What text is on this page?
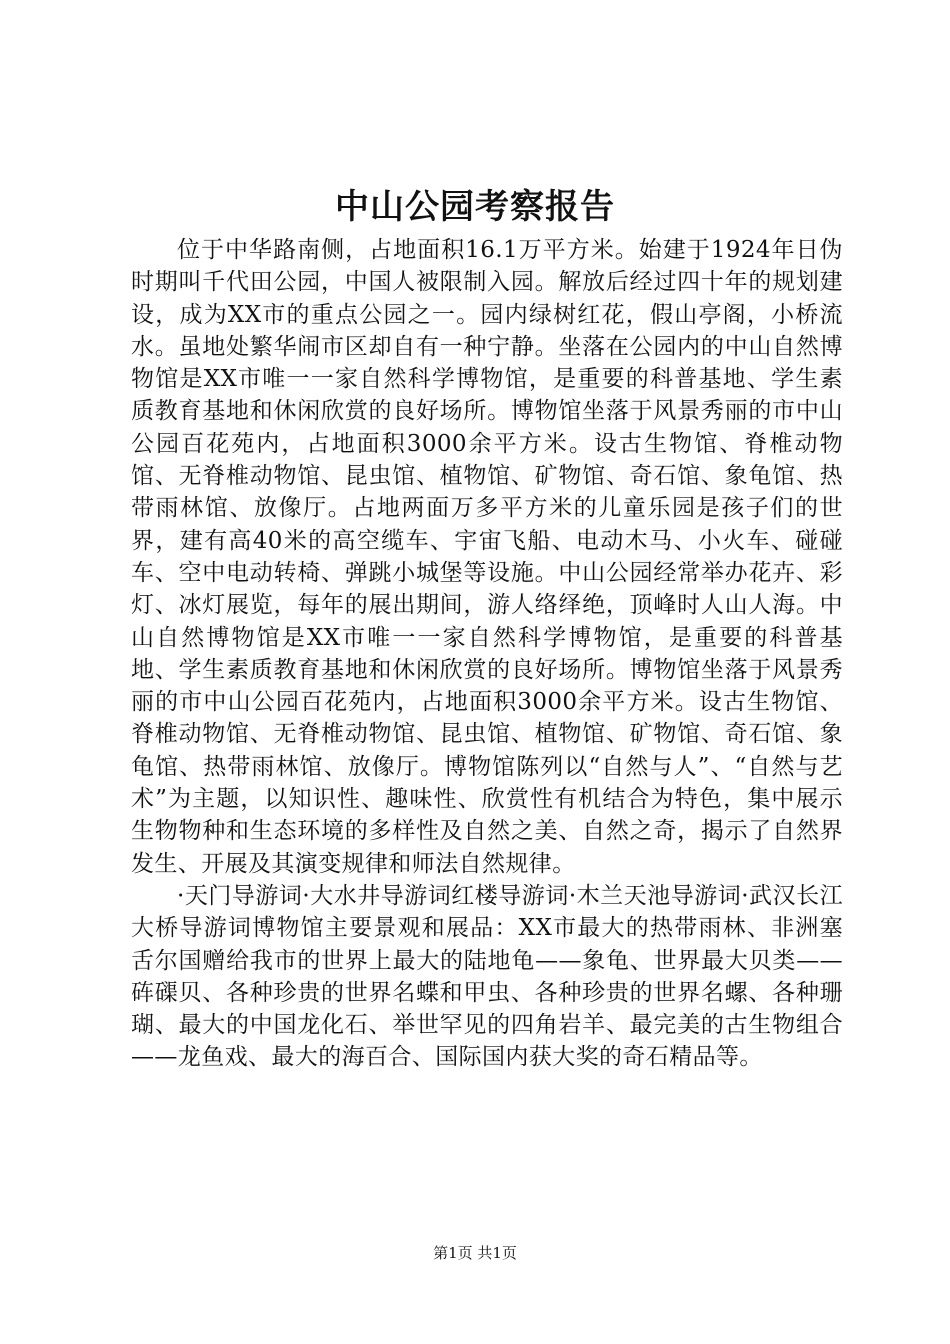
中山公园考察报告

位于中华路南侧，占地面积16.1万平方米。始建于1924年日伪时期叫千代田公园，中国人被限制入园。解放后经过四十年的规划建设，成为XX市的重点公园之一。园内绿树红花，假山亭阁，小桥流水。虽地处繁华闹市区却自有一种宁静。坐落在公园内的中山自然博物馆是XX市唯一一家自然科学博物馆，是重要的科普基地、学生素质教育基地和休闲欣赏的良好场所。博物馆坐落于风景秀丽的市中山公园百花苑内，占地面积3000余平方米。设古生物馆、脊椎动物馆、无脊椎动物馆、昆虫馆、植物馆、矿物馆、奇石馆、象龟馆、热带雨林馆、放像厅。占地两面万多平方米的儿童乐园是孩子们的世界，建有高40米的高空缆车、宇宙飞船、电动木马、小火车、碰碰车、空中电动转椅、弹跳小城堡等设施。中山公园经常举办花卉、彩灯、冰灯展览，每年的展出期间，游人络绎绝，顶峰时人山人海。中山自然博物馆是XX市唯一一家自然科学博物馆，是重要的科普基地、学生素质教育基地和休闲欣赏的良好场所。博物馆坐落于风景秀丽的市中山公园百花苑内，占地面积3000余平方米。设古生物馆、脊椎动物馆、无脊椎动物馆、昆虫馆、植物馆、矿物馆、奇石馆、象龟馆、热带雨林馆、放像厅。博物馆陈列以“自然与人”、“自然与艺术”为主题，以知识性、趣味性、欣赏性有机结合为特色，集中展示生物物种和生态环境的多样性及自然之美、自然之奇，揭示了自然界发生、开展及其演变规律和师法自然规律。

·天门导游词·大水井导游词红楼导游词·木兰天池导游词·武汉长江大桥导游词博物馆主要景观和展品：XX市最大的热带雨林、非洲塞舌尔国赠给我市的世界上最大的陆地龟——象龟、世界最大贝类——砗磲贝、各种珍贵的世界名蝶和甲虫、各种珍贵的世界名螺、各种珊瑚、最大的中国龙化石、举世罕见的四角岩羊、最完美的古生物组合——龙鱼戏、最大的海百合、国际国内获大奖的奇石精品等。

第1页 共1页
